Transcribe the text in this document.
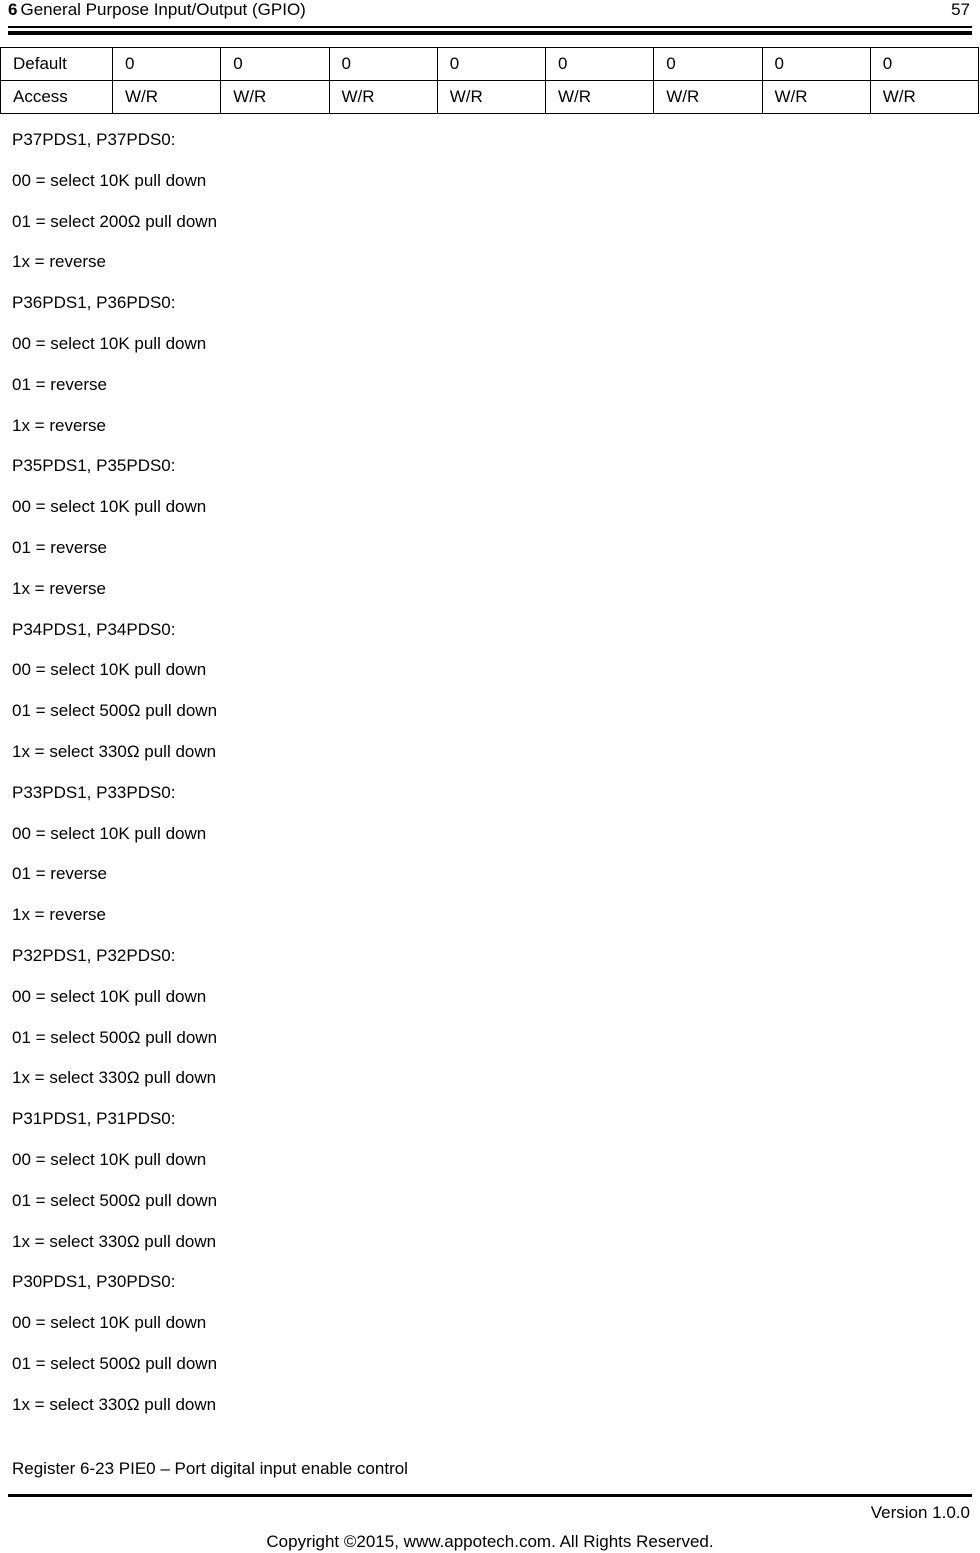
6 General Purpose Input/Output (GPIO)	57
Default	0	0	0	0	0	0	0	0
Access	W/R	W/R	W/R	W/R	W/R	W/R	W/R	W/R
P37PDS1, P37PDS0:
00 = select 10K pull down
01 = select 200Ω pull down
1x = reverse
P36PDS1, P36PDS0:
00 = select 10K pull down
01 = reverse
1x = reverse
P35PDS1, P35PDS0:
00 = select 10K pull down
01 = reverse
1x = reverse
P34PDS1, P34PDS0:
00 = select 10K pull down
01 = select 500Ω pull down
1x = select 330Ω pull down
P33PDS1, P33PDS0:
00 = select 10K pull down
01 = reverse
1x = reverse
P32PDS1, P32PDS0:
00 = select 10K pull down
01 = select 500Ω pull down
1x = select 330Ω pull down
P31PDS1, P31PDS0:
00 = select 10K pull down
01 = select 500Ω pull down
1x = select 330Ω pull down
P30PDS1, P30PDS0:
00 = select 10K pull down
01 = select 500Ω pull down
1x = select 330Ω pull down
Register 6-23 PIE0 – Port digital input enable control
Version 1.0.0
Copyright ©2015, www.appotech.com. All Rights Reserved.
